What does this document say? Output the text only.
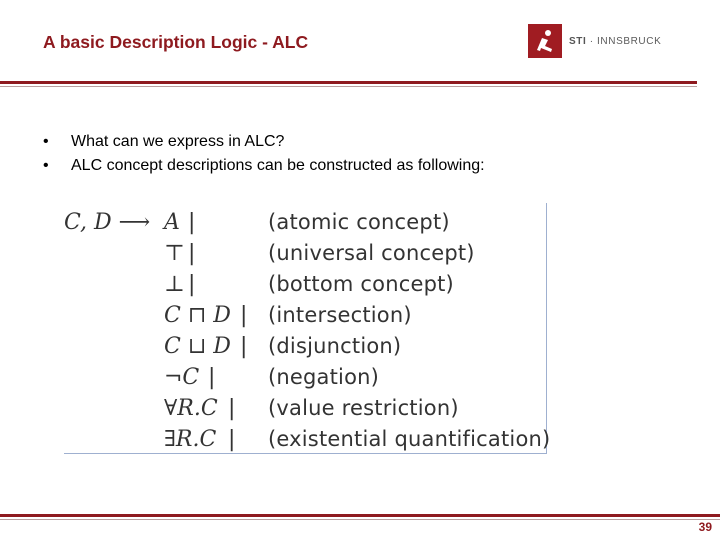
A basic Description Logic - ALC	STI · INNSBRUCK
• What can we express in ALC?
• ALC concept descriptions can be constructed as following:
C, D ⟶ A |	(atomic concept)
⊤ |	(universal concept)
⊥ |	(bottom concept)
C ⊓ D | (intersection)
C ⊔ D | (disjunction)
¬C |	(negation)
∀R.C | (value restriction)
∃R.C | (existential quantification)
39
